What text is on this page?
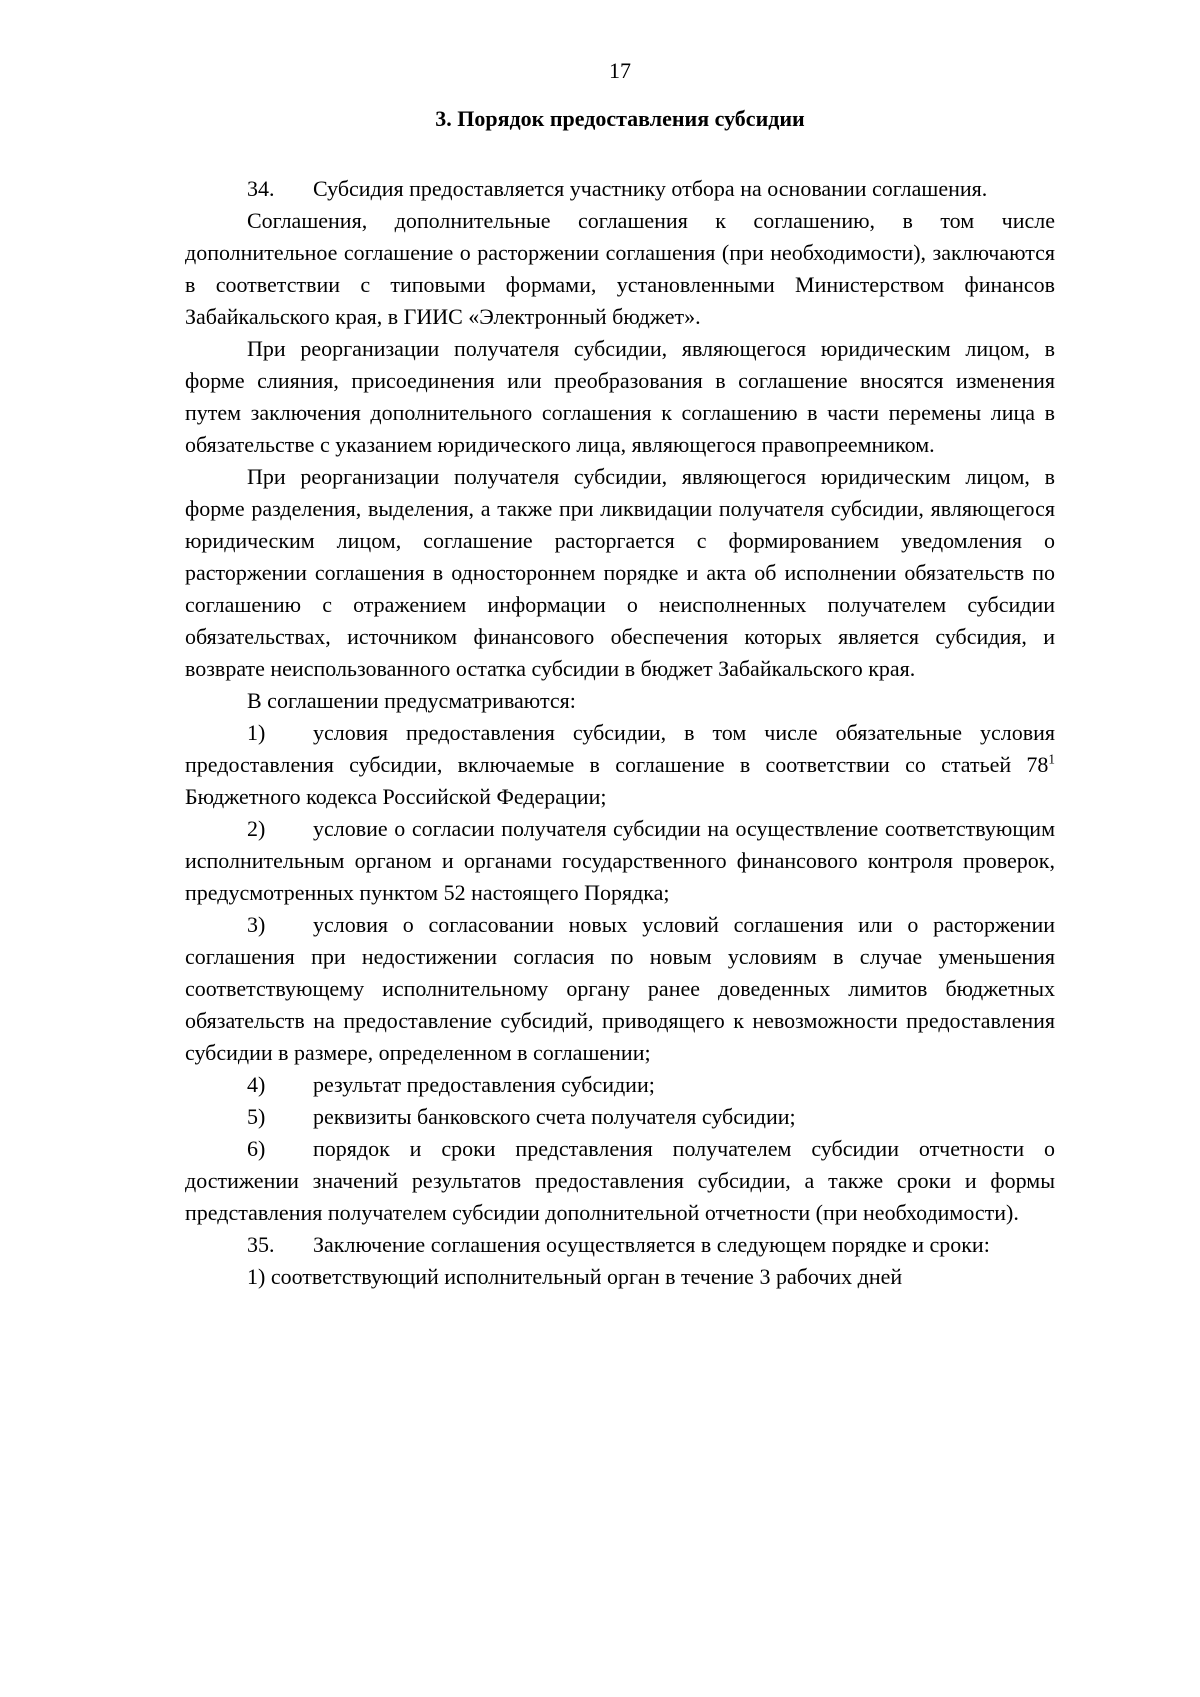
17
3. Порядок предоставления субсидии

34. Субсидия предоставляется участнику отбора на основании соглашения.

Соглашения, дополнительные соглашения к соглашению, в том числе дополнительное соглашение о расторжении соглашения (при необходимости), заключаются в соответствии с типовыми формами, установленными Министерством финансов Забайкальского края, в ГИИС «Электронный бюджет».

При реорганизации получателя субсидии, являющегося юридическим лицом, в форме слияния, присоединения или преобразования в соглашение вносятся изменения путем заключения дополнительного соглашения к соглашению в части перемены лица в обязательстве с указанием юридического лица, являющегося правопреемником.

При реорганизации получателя субсидии, являющегося юридическим лицом, в форме разделения, выделения, а также при ликвидации получателя субсидии, являющегося юридическим лицом, соглашение расторгается с формированием уведомления о расторжении соглашения в одностороннем порядке и акта об исполнении обязательств по соглашению с отражением информации о неисполненных получателем субсидии обязательствах, источником финансового обеспечения которых является субсидия, и возврате неиспользованного остатка субсидии в бюджет Забайкальского края.

В соглашении предусматриваются:

1) условия предоставления субсидии, в том числе обязательные условия предоставления субсидии, включаемые в соглашение в соответствии со статьей 78$^1$ Бюджетного кодекса Российской Федерации;

2) условие о согласии получателя субсидии на осуществление соответствующим исполнительным органом и органами государственного финансового контроля проверок, предусмотренных пунктом 52 настоящего Порядка;

3) условия о согласовании новых условий соглашения или о расторжении соглашения при недостижении согласия по новым условиям в случае уменьшения соответствующему исполнительному органу ранее доведенных лимитов бюджетных обязательств на предоставление субсидий, приводящего к невозможности предоставления субсидии в размере, определенном в соглашении;

4) результат предоставления субсидии;

5) реквизиты банковского счета получателя субсидии;

6) порядок и сроки представления получателем субсидии отчетности о достижении значений результатов предоставления субсидии, а также сроки и формы представления получателем субсидии дополнительной отчетности (при необходимости).

35. Заключение соглашения осуществляется в следующем порядке и сроки:

1) соответствующий исполнительный орган в течение 3 рабочих дней
